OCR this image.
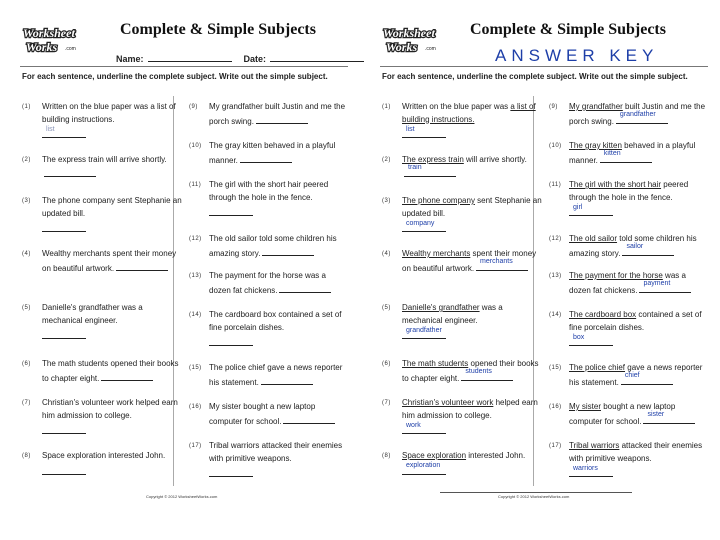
Worksheet
Works .com
Complete & Simple Subjects
Name:	Date:
For each sentence, underline the complete subject. Write out the simple subject.
(1) Written on the blue paper was a list of building instructions.
list
(2) The express train will arrive shortly.
(3) The phone company sent Stephanie an updated bill.
(4) Wealthy merchants spent their money on beautiful artwork.
(5) Danielle's grandfather was a mechanical engineer.
(6) The math students opened their books to chapter eight.
(7) Christian's volunteer work helped earn him admission to college.
(8) Space exploration interested John.
(9) My grandfather built Justin and me the porch swing.
(10) The gray kitten behaved in a playful manner.
(11) The girl with the short hair peered through the hole in the fence.
(12) The old sailor told some children his amazing story.
(13) The payment for the horse was a dozen fat chickens.
(14) The cardboard box contained a set of fine porcelain dishes.
(15) The police chief gave a news reporter his statement.
(16) My sister bought a new laptop computer for school.
(17) Tribal warriors attacked their enemies with primitive weapons.
Copyright © 2012 WorksheetWorks.com
Worksheet
Works .com
Complete & Simple Subjects
ANSWER KEY
For each sentence, underline the complete subject. Write out the simple subject.
(1) Written on the blue paper was a list of building instructions.
list
(2) The express train will arrive shortly.
train
(3) The phone company sent Stephanie an updated bill.
company
(4) Wealthy merchants spent their money on beautiful artwork.
merchants
(5) Danielle's grandfather was a mechanical engineer.
grandfather
(6) The math students opened their books to chapter eight.
students
(7) Christian's volunteer work helped earn him admission to college.
work
(8) Space exploration interested John.
exploration
(9) My grandfather built Justin and me the porch swing.
grandfather
(10) The gray kitten behaved in a playful manner.
kitten
(11) The girl with the short hair peered through the hole in the fence.
girl
(12) The old sailor told some children his amazing story.
sailor
(13) The payment for the horse was a dozen fat chickens.
payment
(14) The cardboard box contained a set of fine porcelain dishes.
box
(15) The police chief gave a news reporter his statement.
chief
(16) My sister bought a new laptop computer for school.
sister
(17) Tribal warriors attacked their enemies with primitive weapons.
warriors
Copyright © 2012 WorksheetWorks.com
